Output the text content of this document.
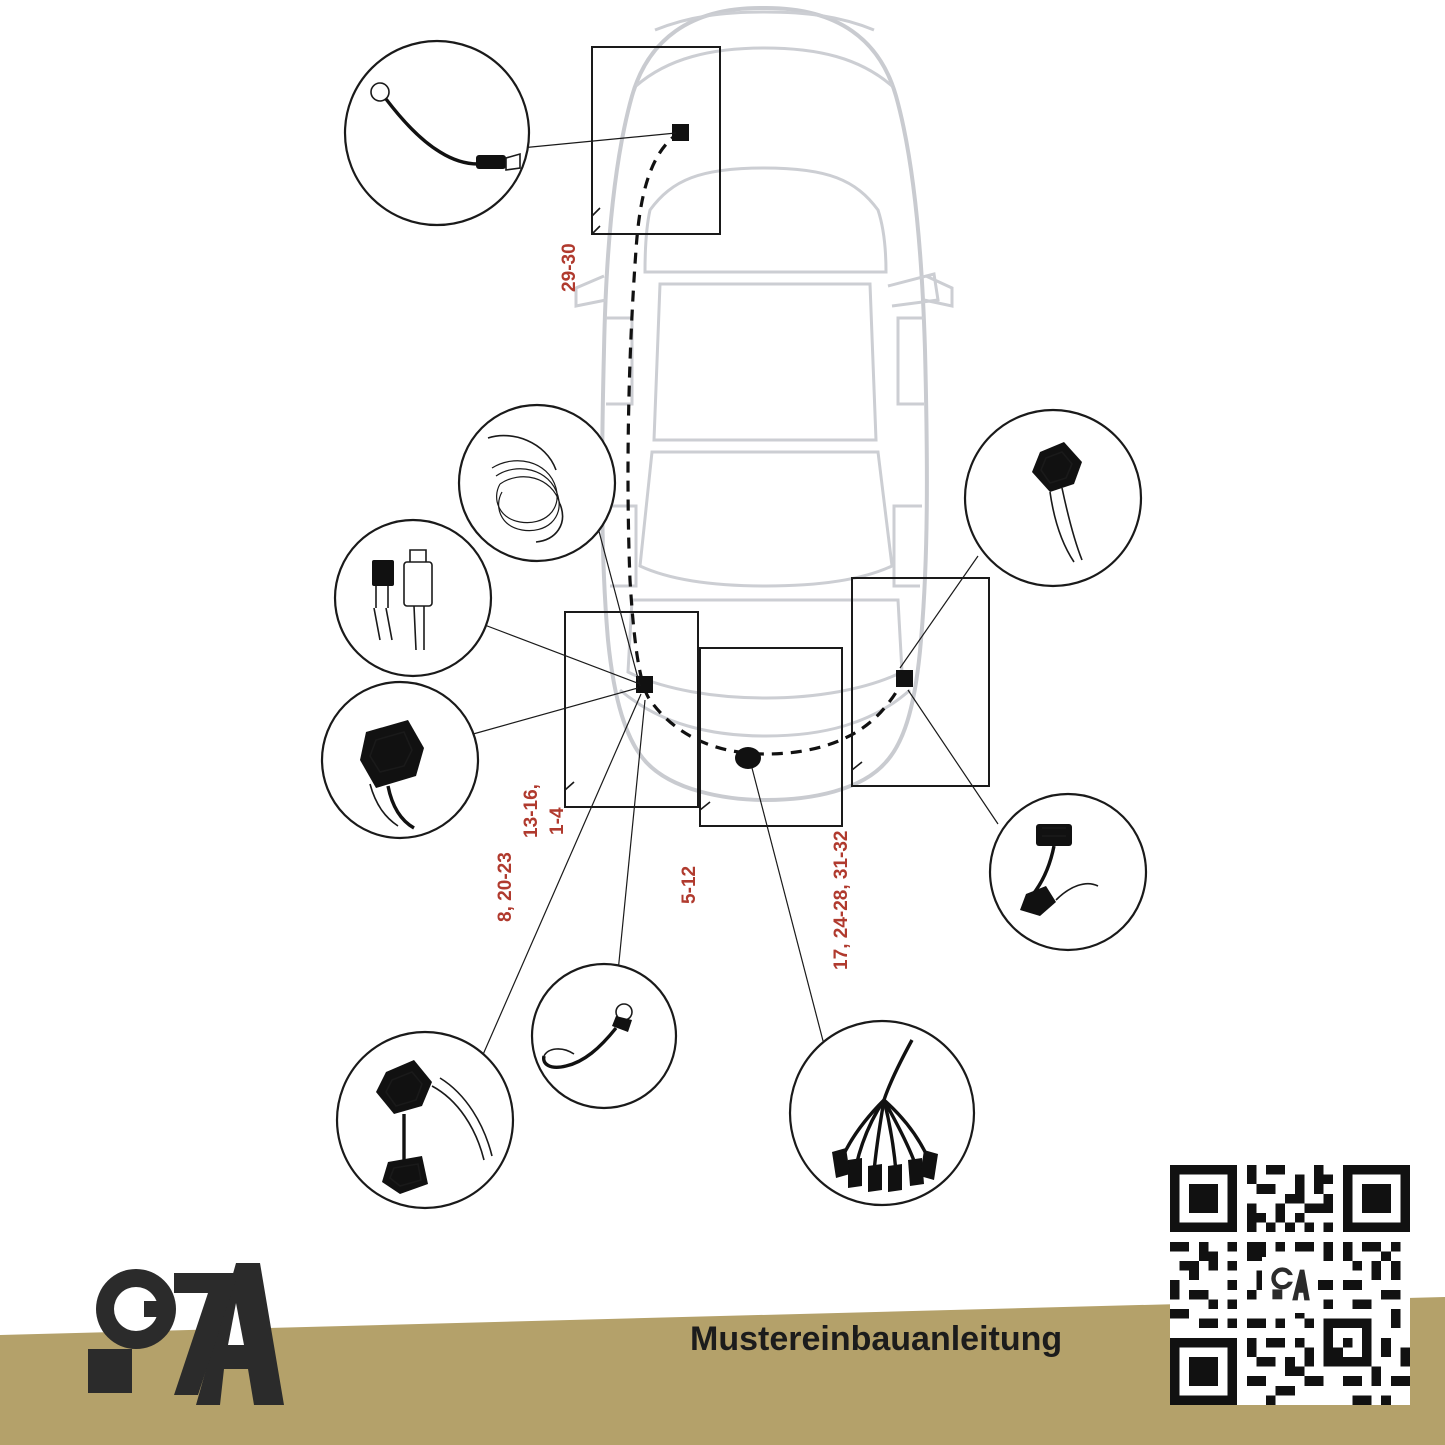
29-30
1-4
13-16,
8, 20-23	5-12	17, 24-28, 31-32
Mustereinbauanleitung
